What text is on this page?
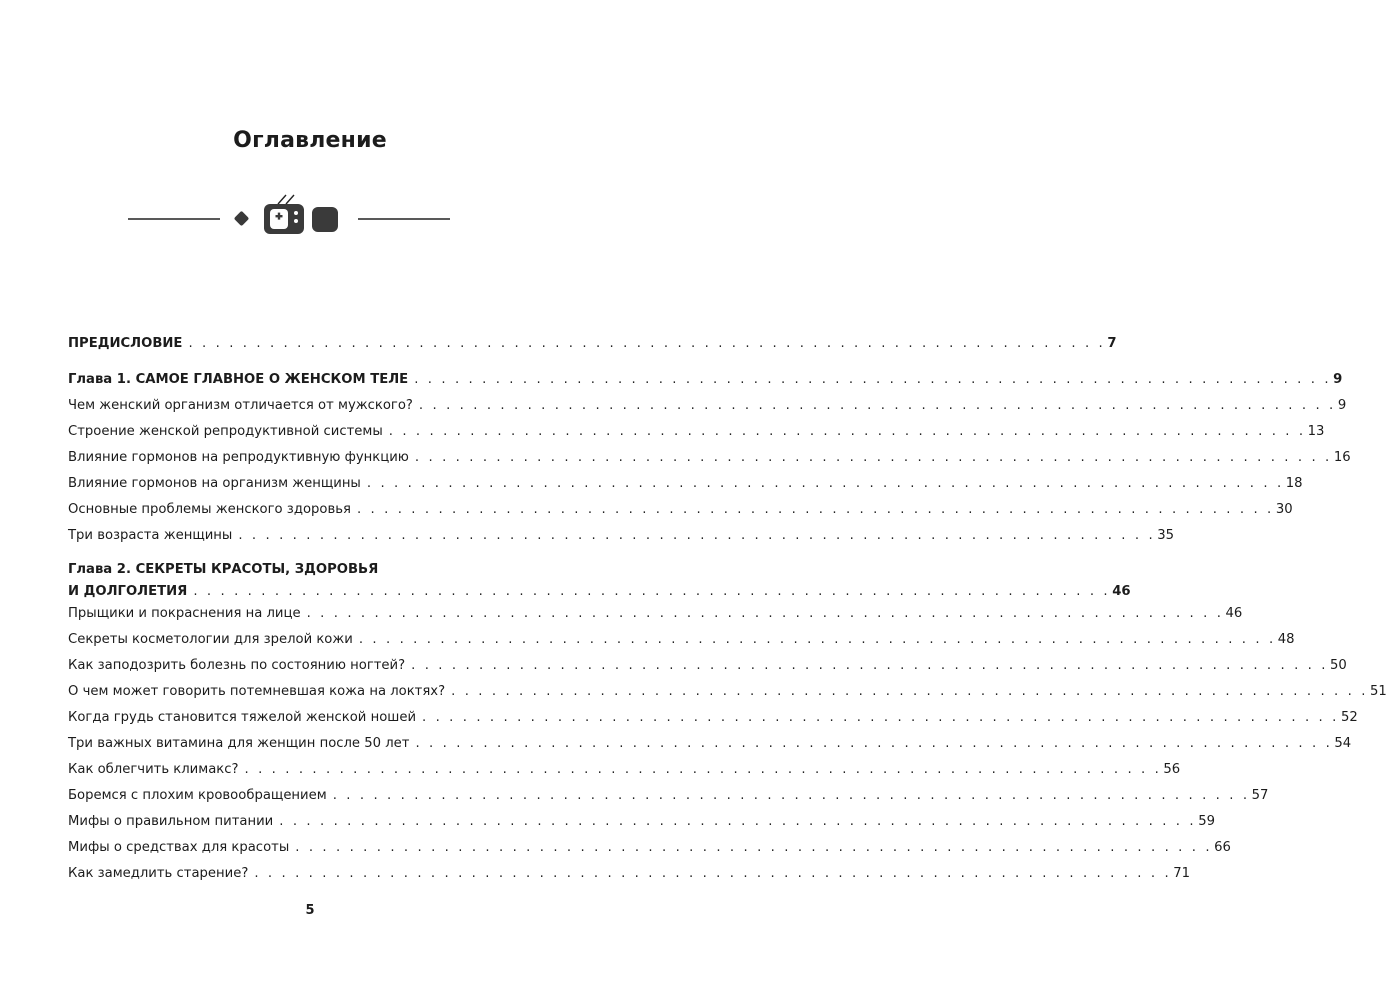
Оглавление
ПРЕДИСЛОВИЕ . . . . . . . . . . . . . . . . . . . . . . . . . . . . . . . . . . . . . . . . . . . . . . . . . . . . . . . . . . . . . . . . . . . . 7
Глава 1. САМОЕ ГЛАВНОЕ О ЖЕНСКОМ ТЕЛЕ . . . . . . . . . . . . . . . . . . . . . . . . . . . . . . . . . . . . . . . . . . . . . . . . . . . . . . . . . . . . . . . . . . . . 9
Чем женский организм отличается от мужского? . . . . . . . . . . . . . . . . . . . . . . . . . . . . . . . . . . . . . . . . . . . . . . . . . . . . . . . . . . . . . . . . . . . . 9
Строение женской репродуктивной системы . . . . . . . . . . . . . . . . . . . . . . . . . . . . . . . . . . . . . . . . . . . . . . . . . . . . . . . . . . . . . . . . . . . . 13
Влияние гормонов на репродуктивную функцию . . . . . . . . . . . . . . . . . . . . . . . . . . . . . . . . . . . . . . . . . . . . . . . . . . . . . . . . . . . . . . . . . . . . 16
Влияние гормонов на организм женщины . . . . . . . . . . . . . . . . . . . . . . . . . . . . . . . . . . . . . . . . . . . . . . . . . . . . . . . . . . . . . . . . . . . . 18
Основные проблемы женского здоровья . . . . . . . . . . . . . . . . . . . . . . . . . . . . . . . . . . . . . . . . . . . . . . . . . . . . . . . . . . . . . . . . . . . . 30
Три возраста женщины . . . . . . . . . . . . . . . . . . . . . . . . . . . . . . . . . . . . . . . . . . . . . . . . . . . . . . . . . . . . . . . . . . . . 35
Глава 2. СЕКРЕТЫ КРАСОТЫ, ЗДОРОВЬЯ
И ДОЛГОЛЕТИЯ . . . . . . . . . . . . . . . . . . . . . . . . . . . . . . . . . . . . . . . . . . . . . . . . . . . . . . . . . . . . . . . . . . . . 46
Прыщики и покраснения на лице . . . . . . . . . . . . . . . . . . . . . . . . . . . . . . . . . . . . . . . . . . . . . . . . . . . . . . . . . . . . . . . . . . . . 46
Секреты косметологии для зрелой кожи . . . . . . . . . . . . . . . . . . . . . . . . . . . . . . . . . . . . . . . . . . . . . . . . . . . . . . . . . . . . . . . . . . . . 48
Как заподозрить болезнь по состоянию ногтей? . . . . . . . . . . . . . . . . . . . . . . . . . . . . . . . . . . . . . . . . . . . . . . . . . . . . . . . . . . . . . . . . . . . . 50
О чем может говорить потемневшая кожа на локтях? . . . . . . . . . . . . . . . . . . . . . . . . . . . . . . . . . . . . . . . . . . . . . . . . . . . . . . . . . . . . . . . . . . . . 51
Когда грудь становится тяжелой женской ношей . . . . . . . . . . . . . . . . . . . . . . . . . . . . . . . . . . . . . . . . . . . . . . . . . . . . . . . . . . . . . . . . . . . . 52
Три важных витамина для женщин после 50 лет . . . . . . . . . . . . . . . . . . . . . . . . . . . . . . . . . . . . . . . . . . . . . . . . . . . . . . . . . . . . . . . . . . . . 54
Как облегчить климакс? . . . . . . . . . . . . . . . . . . . . . . . . . . . . . . . . . . . . . . . . . . . . . . . . . . . . . . . . . . . . . . . . . . . . 56
Боремся с плохим кровообращением . . . . . . . . . . . . . . . . . . . . . . . . . . . . . . . . . . . . . . . . . . . . . . . . . . . . . . . . . . . . . . . . . . . . 57
Мифы о правильном питании . . . . . . . . . . . . . . . . . . . . . . . . . . . . . . . . . . . . . . . . . . . . . . . . . . . . . . . . . . . . . . . . . . . . 59
Мифы о средствах для красоты . . . . . . . . . . . . . . . . . . . . . . . . . . . . . . . . . . . . . . . . . . . . . . . . . . . . . . . . . . . . . . . . . . . . 66
Как замедлить старение? . . . . . . . . . . . . . . . . . . . . . . . . . . . . . . . . . . . . . . . . . . . . . . . . . . . . . . . . . . . . . . . . . . . . 71
5
